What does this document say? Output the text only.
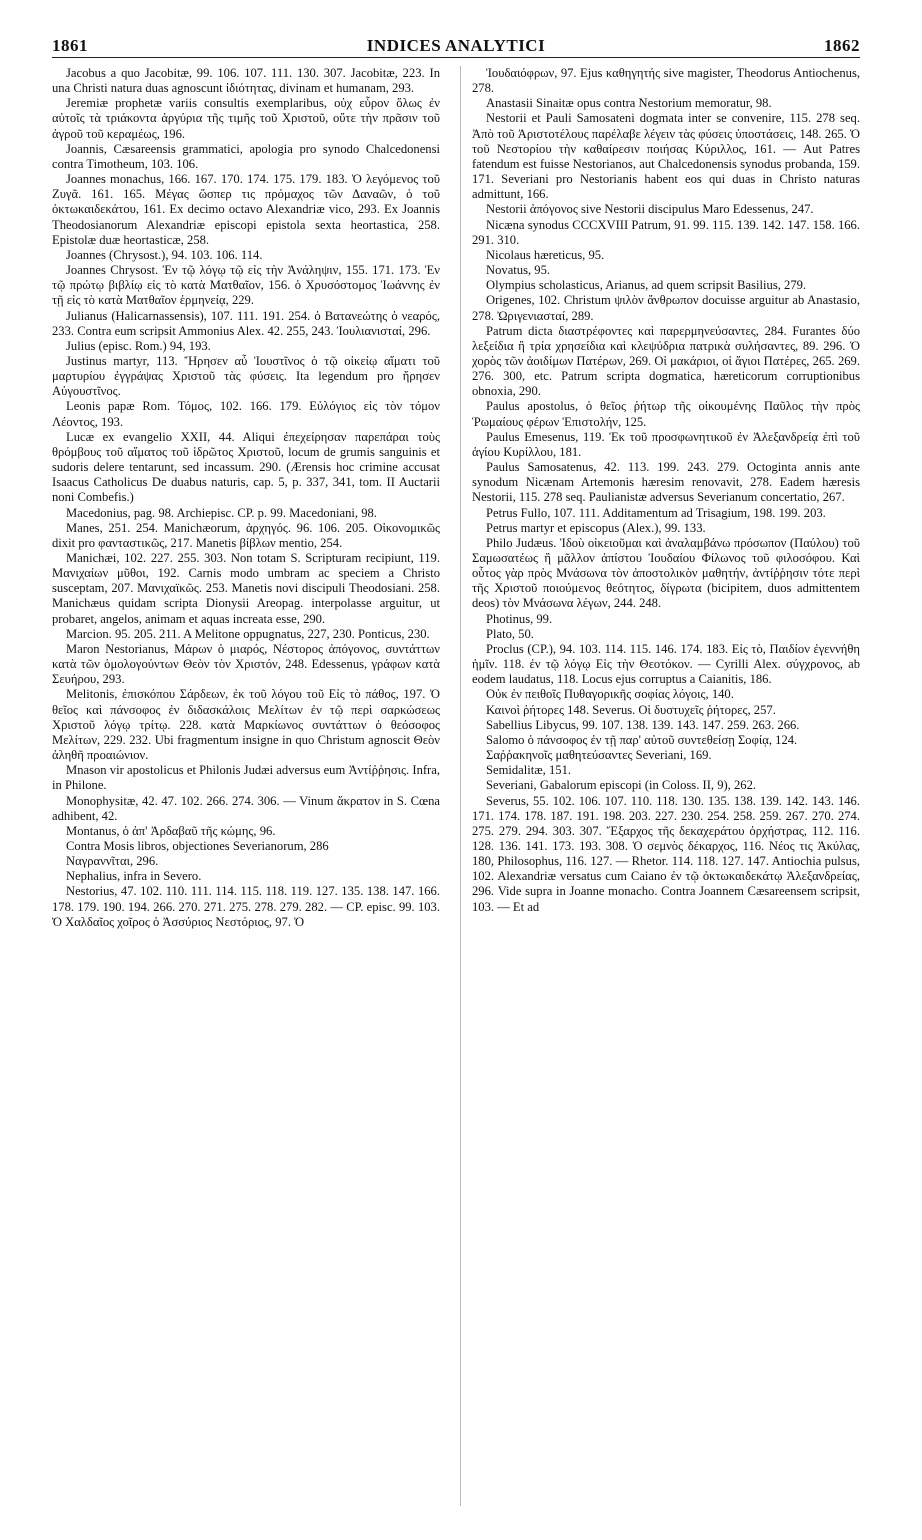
1861	INDICES ANALYTICI	1862

Jacobus a quo Jacobitæ, 99. 106. 107. 111. 130. 307. Jacobitæ, 223. In una Christi natura duas agnoscunt ἰδιότητας, divinam et humanam, 293.

Jeremiæ prophetæ variis consultis exemplaribus, οὐχ εὗρον ὅλως ἐν αὐτοῖς τὰ τριάκοντα ἀργύρια τῆς τιμῆς τοῦ Χριστοῦ, οὔτε τὴν πρᾶσιν τοῦ ἀγροῦ τοῦ κεραμέως, 196.

Joannis, Cæsareensis grammatici, apologia pro synodo Chalcedonensi contra Timotheum, 103. 106.

Joannes monachus, 166. 167. 170. 174. 175. 179. 183. Ὁ λεγόμενος τοῦ Ζυγᾶ. 161. 165. Μέγας ὥσπερ τις πρόμαχος τῶν Δαναῶν, ὁ τοῦ ὀκτωκαιδεκάτου, 161. Ex decimo octavo Alexandriæ vico, 293. Ex Joannis Theodosianorum Alexandriæ episcopi epistola sexta heortastica, 258. Epistolæ duæ heortasticæ, 258.

Joannes (Chrysost.), 94. 103. 106. 114.

Joannes Chrysost. Ἐν τῷ λόγῳ τῷ εἰς τὴν Ἀνάληψιν, 155. 171. 173. Ἐν τῷ πρώτῳ βιβλίῳ εἰς τὸ κατὰ Ματθαῖον, 156. ὁ Χρυσόστομος Ἰωάννης ἐν τῇ εἰς τὸ κατὰ Ματθαῖον ἑρμηνείᾳ, 229.

Julianus (Halicarnassensis), 107. 111. 191. 254. ὁ Βατανεώτης ὁ νεαρός, 233. Contra eum scripsit Ammonius Alex. 42. 255, 243. Ἰουλιανισταί, 296.

Julius (episc. Rom.) 94, 193.

Justinus martyr, 113. Ἤρησεν αὖ Ἰουστῖνος ὁ τῷ οἰκείῳ αἵματι τοῦ μαρτυρίου ἐγγράψας Χριστοῦ τὰς φύσεις. Ita legendum pro ἤρησεν Αὐγουστῖνος.

Leonis papæ Rom. Τόμος, 102. 166. 179. Εὐλόγιος εἰς τὸν τόμον Λέοντος, 193.

Lucæ ex evangelio XXII, 44. Aliqui ἐπεχείρησαν παρεπάραι τοὺς θρόμβους τοῦ αἵματος τοῦ ἱδρῶτος Χριστοῦ, locum de grumis sanguinis et sudoris delere tentarunt, sed incassum. 290. (Ærensis hoc crimine accusat Isaacus Catholicus De duabus naturis, cap. 5, p. 337, 341, tom. II Auctarii noni Combefis.)

Macedonius, pag. 98. Archiepisc. CP. p. 99. Macedoniani, 98.

Manes, 251. 254. Manichæorum, ἀρχηγός. 96. 106. 205. Οἰκονομικῶς dixit pro φανταστικῶς, 217. Manetis βίβλων mentio, 254.

Manichæi, 102. 227. 255. 303. Non totam S. Scripturam recipiunt, 119. Μανιχαίων μῦθοι, 192. Carnis modo umbram ac speciem a Christo susceptam, 207. Μανιχαϊκῶς. 253. Manetis novi discipuli Theodosiani. 258. Manichæus quidam scripta Dionysii Areopag. interpolasse arguitur, ut probaret, angelos, animam et aquas increata esse, 290.

Marcion. 95. 205. 211. A Melitone oppugnatus, 227, 230. Ponticus, 230.

Maron Nestorianus, Μάρων ὁ μιαρός, Νέστορος ἀπόγονος, συντάττων κατὰ τῶν ὁμολογούντων Θεὸν τὸν Χριστόν, 248. Edessenus, γράφων κατὰ Σευήρου, 293.

Melitonis, ἐπισκόπου Σάρδεων, ἐκ τοῦ λόγου τοῦ Εἰς τὸ πάθος, 197. Ὁ θεῖος καὶ πάνσοφος ἐν διδασκάλοις Μελίτων ἐν τῷ περὶ σαρκώσεως Χριστοῦ λόγῳ τρίτῳ. 228. κατὰ Μαρκίωνος συντάττων ὁ θεόσοφος Μελίτων, 229. 232. Ubi fragmentum insigne in quo Christum agnoscit Θεὸν ἀληθῆ προαιώνιον.

Mnason vir apostolicus et Philonis Judæi adversus eum Ἀντίῤῥησις. Infra, in Philone.

Monophysitæ, 42. 47. 102. 266. 274. 306. — Vinum ἄκρατον in S. Cœna adhibent, 42.

Montanus, ὁ ἀπ' Ἀρδαβαῦ τῆς κώμης, 96.

Contra Mosis libros, objectiones Severianorum, 286

Ναγραννῖται, 296.

Nephalius, infra in Severo.

Nestorius, 47. 102. 110. 111. 114. 115. 118. 119. 127. 135. 138. 147. 166. 178. 179. 190. 194. 266. 270. 271. 275. 278. 279. 282. — CP. episc. 99. 103. Ὁ Χαλδαῖος χοῖρος ὁ Ἀσσύριος Νεστόριος, 97. Ὁ

Ἰουδαιόφρων, 97. Ejus καθηγητής sive magister, Theodorus Antiochenus, 278.

Anastasii Sinaitæ opus contra Nestorium memoratur, 98.

Nestorii et Pauli Samosateni dogmata inter se convenire, 115. 278 seq. Ἀπὸ τοῦ Ἀριστοτέλους παρέλαβε λέγειν τὰς φύσεις ὑποστάσεις, 148. 265. Ὁ τοῦ Νεστορίου τὴν καθαίρεσιν ποιήσας Κύριλλος, 161. — Aut Patres fatendum est fuisse Nestorianos, aut Chalcedonensis synodus probanda, 159. 171. Severiani pro Nestorianis habent eos qui duas in Christo naturas admittunt, 166.

Nestorii ἀπόγονος sive Nestorii discipulus Maro Edessenus, 247.

Nicæna synodus CCCXVIII Patrum, 91. 99. 115. 139. 142. 147. 158. 166. 291. 310.

Nicolaus hæreticus, 95.

Novatus, 95.

Olympius scholasticus, Arianus, ad quem scripsit Basilius, 279.

Origenes, 102. Christum ψιλὸν ἄνθρωπον docuisse arguitur ab Anastasio, 278. Ὠριγενιασταί, 289.

Patrum dicta διαστρέφοντες καὶ παρερμηνεύσαντες, 284. Furantes δύο λεξείδια ἢ τρία χρησείδια καὶ κλεψύδρια πατρικὰ συλήσαντες, 89. 296. Ὁ χορὸς τῶν ἀοιδίμων Πατέρων, 269. Οἱ μακάριοι, οἱ ἅγιοι Πατέρες, 265. 269. 276. 300, etc. Patrum scripta dogmatica, hæreticorum corruptionibus obnoxia, 290.

Paulus apostolus, ὁ θεῖος ῥήτωρ τῆς οἰκουμένης Παῦλος τὴν πρὸς Ῥωμαίους φέρων Ἐπιστολήν, 125.

Paulus Emesenus, 119. Ἐκ τοῦ προσφωνητικοῦ ἐν Ἀλεξανδρείᾳ ἐπὶ τοῦ ἁγίου Κυρίλλου, 181.

Paulus Samosatenus, 42. 113. 199. 243. 279. Octoginta annis ante synodum Nicænam Artemonis hæresim renovavit, 278. Eadem hæresis Nestorii, 115. 278 seq. Paulianistæ adversus Severianum concertatio, 267.

Petrus Fullo, 107. 111. Additamentum ad Trisagium, 198. 199. 203.

Petrus martyr et episcopus (Alex.), 99. 133.

Philo Judæus. Ἰδοὺ οἰκειοῦμαι καὶ ἀναλαμβάνω πρόσωπον (Παύλου) τοῦ Σαμωσατέως ἢ μᾶλλον ἀπίστου Ἰουδαίου Φίλωνος τοῦ φιλοσόφου. Καὶ οὗτος γὰρ πρὸς Μνάσωνα τὸν ἀποστολικὸν μαθητήν, ἀντίῤῥησιν τότε περὶ τῆς Χριστοῦ ποιούμενος θεότητος, δίγρωτα (bicipitem, duos admittentem deos) τὸν Μνάσωνα λέγων, 244. 248.

Photinus, 99.

Plato, 50.

Proclus (CP.), 94. 103. 114. 115. 146. 174. 183. Εἰς τὸ, Παιδίον ἐγεννήθη ἡμῖν. 118. ἐν τῷ λόγῳ Εἰς τὴν Θεοτόκον. — Cyrilli Alex. σύγχρονος, ab eodem laudatus, 118. Locus ejus corruptus a Caianitis, 186.

Οὐκ ἐν πειθοῖς Πυθαγορικῆς σοφίας λόγοις, 140.

Καινοὶ ῥήτορες 148. Severus. Οἱ δυστυχεῖς ῥήτορες, 257.

Sabellius Libycus, 99. 107. 138. 139. 143. 147. 259. 263. 266.

Salomo ὁ πάνσοφος ἐν τῇ παρ' αὐτοῦ συντεθείσῃ Σοφίᾳ, 124.

Σαῤῥακηνοῖς μαθητεύσαντες Severiani, 169.

Semidalitæ, 151.

Severiani, Gabalorum episcopi (in Coloss. II, 9), 262.

Severus, 55. 102. 106. 107. 110. 118. 130. 135. 138. 139. 142. 143. 146. 171. 174. 178. 187. 191. 198. 203. 227. 230. 254. 258. 259. 267. 270. 274. 275. 279. 294. 303. 307. Ἔξαρχος τῆς δεκαχεράτου ὀρχήστρας, 112. 116. 128. 136. 141. 173. 193. 308. Ὁ σεμνὸς δέκαρχος, 116. Νέος τις Ἀκύλας, 180, Philosophus, 116. 127. — Rhetor. 114. 118. 127. 147. Antiochia pulsus, 102. Alexandriæ versatus cum Caiano ἐν τῷ ὀκτωκαιδεκάτῳ Ἀλεξανδρείας, 296. Vide supra in Joanne monacho. Contra Joannem Cæsareensem scripsit, 103. — Et ad
